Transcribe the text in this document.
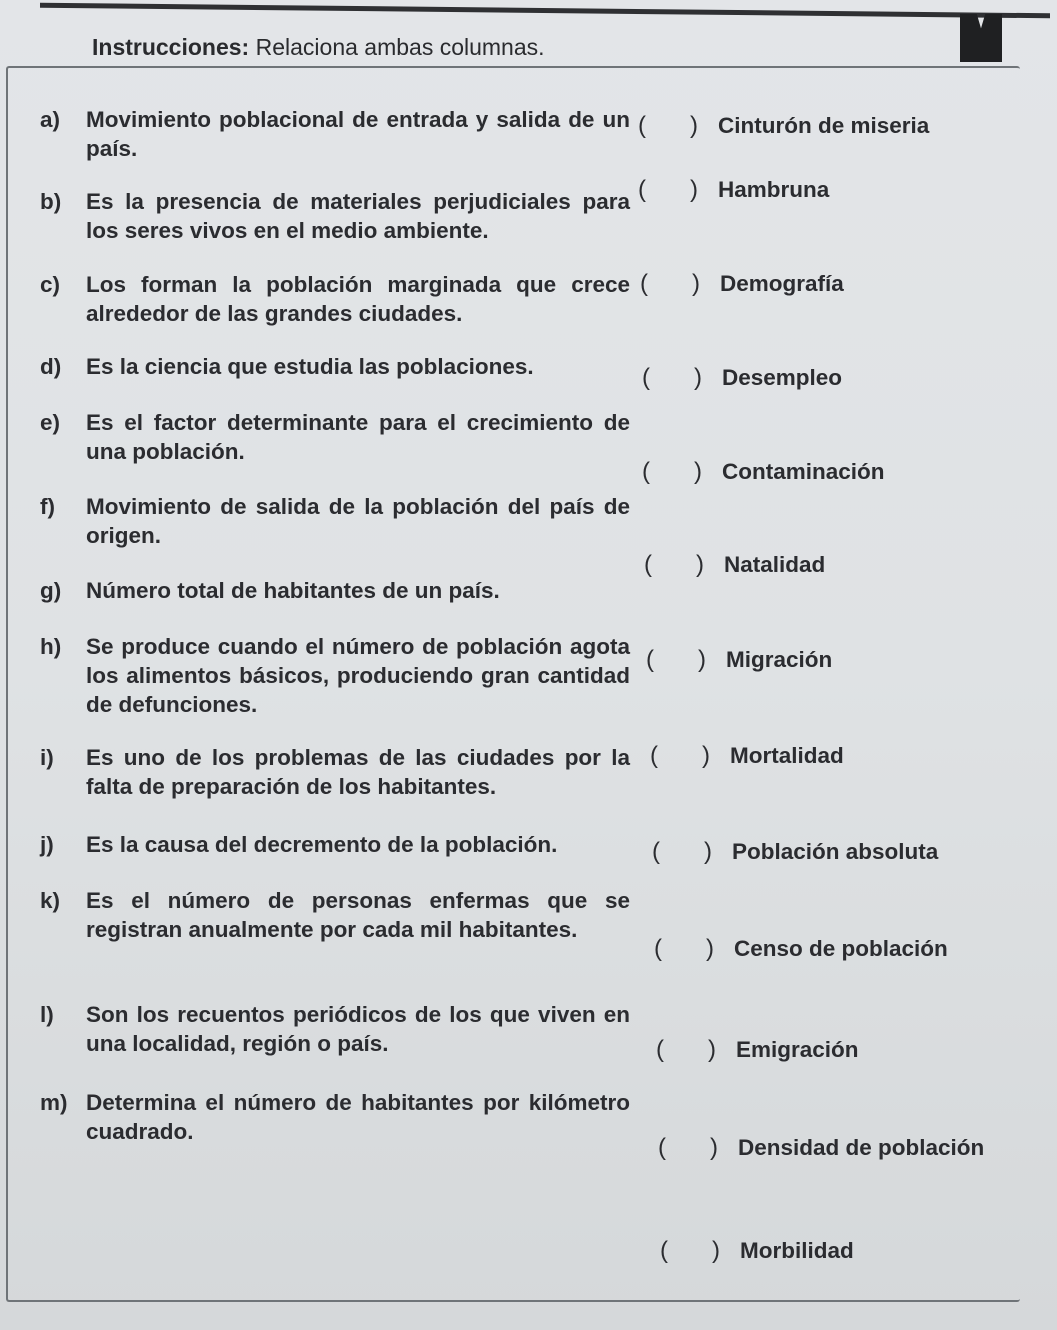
Instrucciones: Relaciona ambas columnas.
a)	Movimiento poblacional de entrada y salida de un país.
b)	Es la presencia de materiales perjudiciales para los seres vivos en el medio ambiente.
c)	Los forman la población marginada que crece alrededor de las grandes ciudades.
d)	Es la ciencia que estudia las poblaciones.
e)	Es el factor determinante para el crecimiento de una población.
f)	Movimiento de salida de la población del país de origen.
g)	Número total de habitantes de un país.
h)	Se produce cuando el número de población agota los alimentos básicos, produciendo gran cantidad de defunciones.
i)	Es uno de los problemas de las ciudades por la falta de preparación de los habitantes.
j)	Es la causa del decremento de la población.
k)	Es el número de personas enfermas que se registran anualmente por cada mil habitantes.
l)	Son los recuentos periódicos de los que viven en una localidad, región o país.
m) Determina el número de habitantes por kilómetro cuadrado.
( ) Cinturón de miseria
( ) Hambruna
( ) Demografía
( ) Desempleo
( ) Contaminación
( ) Natalidad
( ) Migración
( ) Mortalidad
( ) Población absoluta
( ) Censo de población
( ) Emigración
( ) Densidad de población
( ) Morbilidad
